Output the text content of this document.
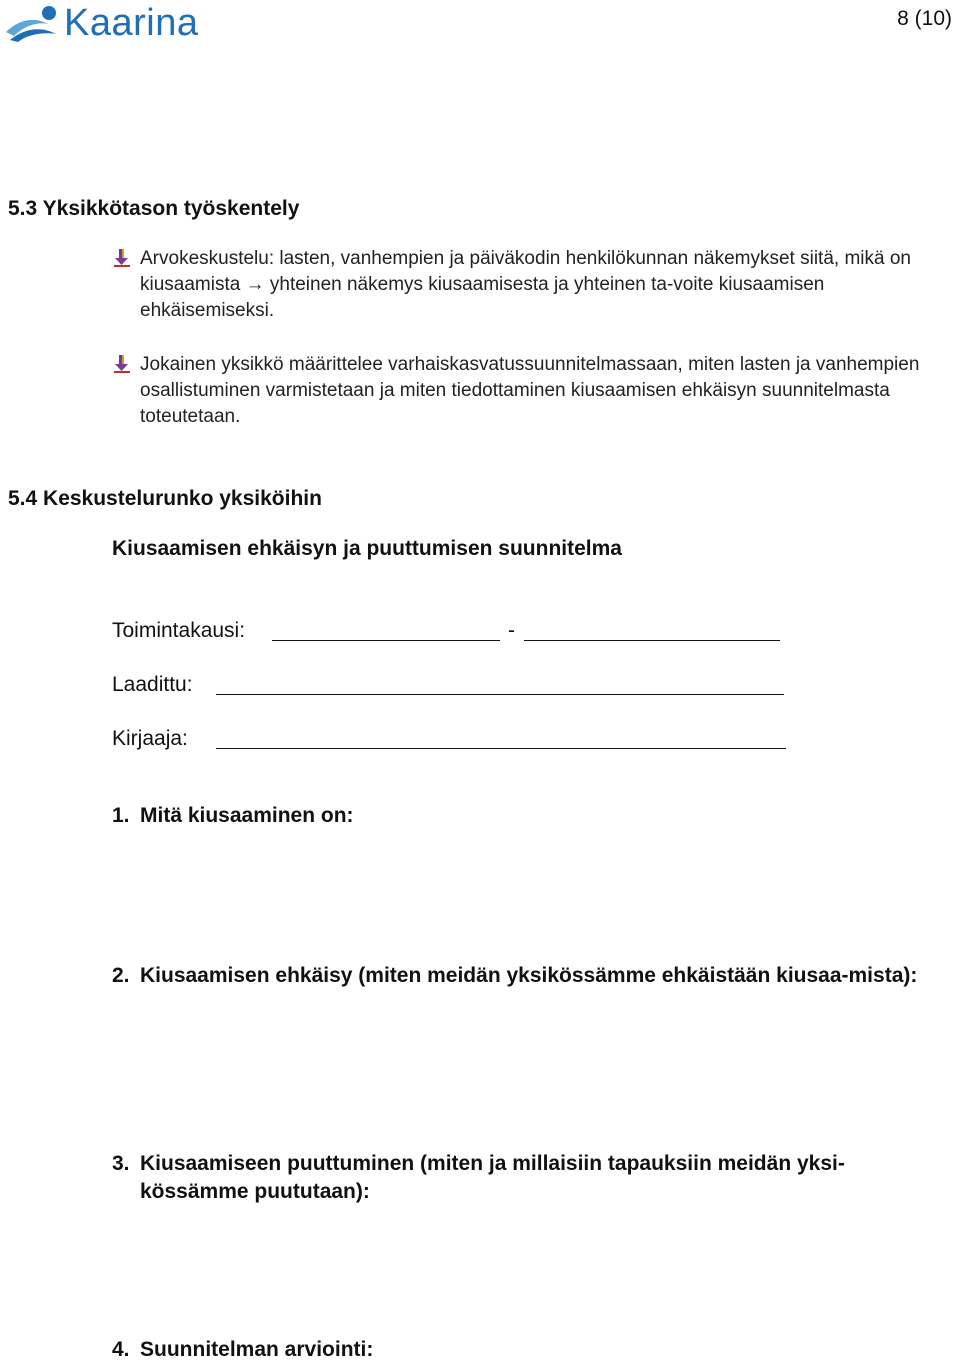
Kaarina	8 (10)
5.3 Yksikkötason työskentely
Arvokeskustelu: lasten, vanhempien ja päiväkodin henkilökunnan näkemykset siitä, mikä on kiusaamista → yhteinen näkemys kiusaamisesta ja yhteinen ta-voite kiusaamisen ehkäisemiseksi.
Jokainen yksikkö määrittelee varhaiskasvatussuunnitelmassaan, miten lasten ja vanhempien osallistuminen varmistetaan ja miten tiedottaminen kiusaamisen ehkäisyn suunnitelmasta toteutetaan.
5.4 Keskustelurunko yksiköihin
Kiusaamisen ehkäisyn ja puuttumisen suunnitelma
Toimintakausi:	-
Laadittu:
Kirjaaja:
1. Mitä kiusaaminen on:
2. Kiusaamisen ehkäisy (miten meidän yksikössämme ehkäistään kiusaa-mista):
3. Kiusaamiseen puuttuminen (miten ja millaisiin tapauksiin meidän yksi-kössämme puututaan):
4. Suunnitelman arviointi:
